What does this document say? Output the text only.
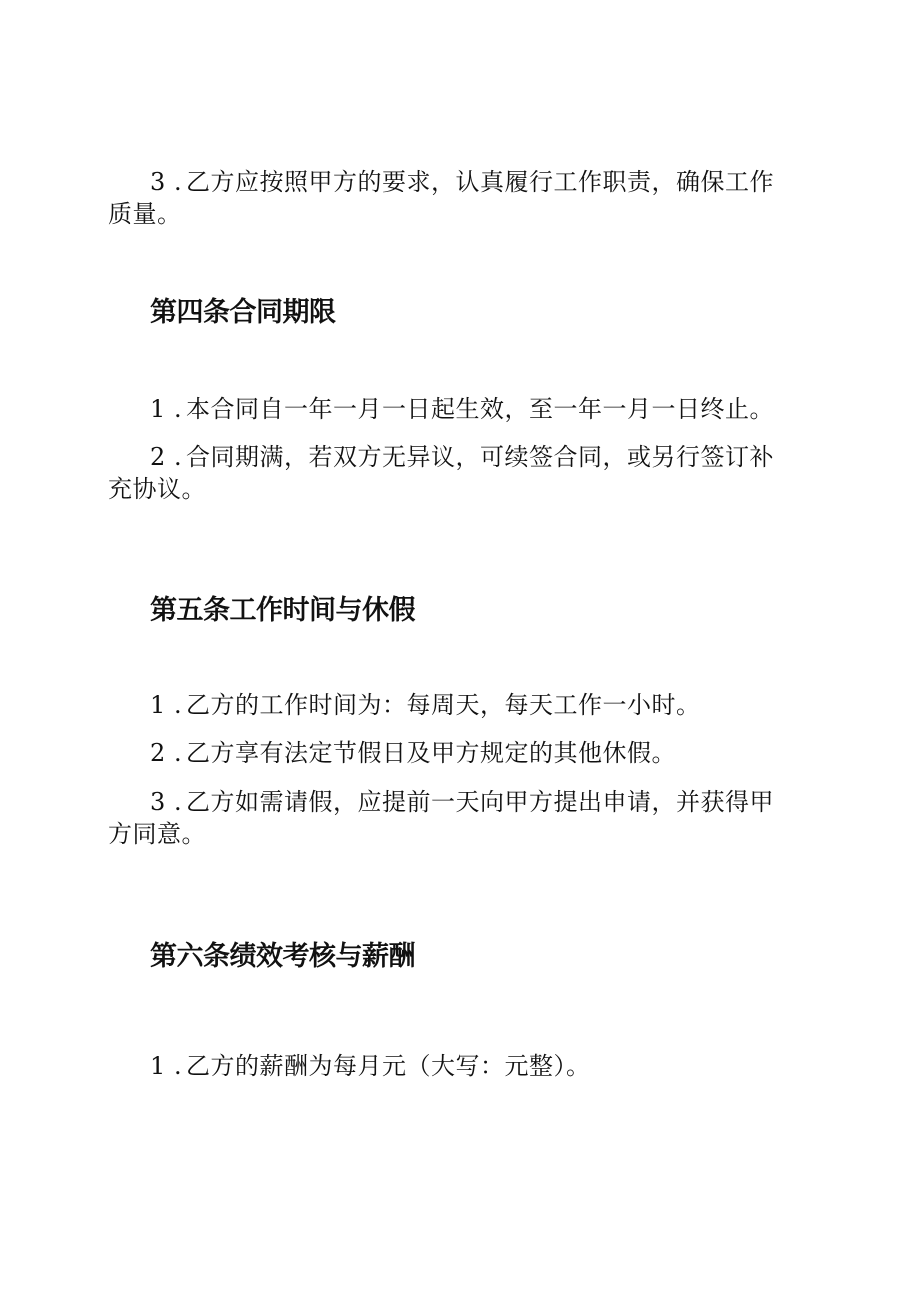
3 . 乙方应按照甲方的要求，认真履行工作职责，确保工作质量。

第四条合同期限

1 . 本合同自一年一月一日起生效，至一年一月一日终止。

2 . 合同期满，若双方无异议，可续签合同，或另行签订补充协议。

第五条工作时间与休假

1 . 乙方的工作时间为：每周天，每天工作一小时。

2 . 乙方享有法定节假日及甲方规定的其他休假。

3 . 乙方如需请假，应提前一天向甲方提出申请，并获得甲方同意。

第六条绩效考核与薪酬

1 . 乙方的薪酬为每月元（大写：元整）。
